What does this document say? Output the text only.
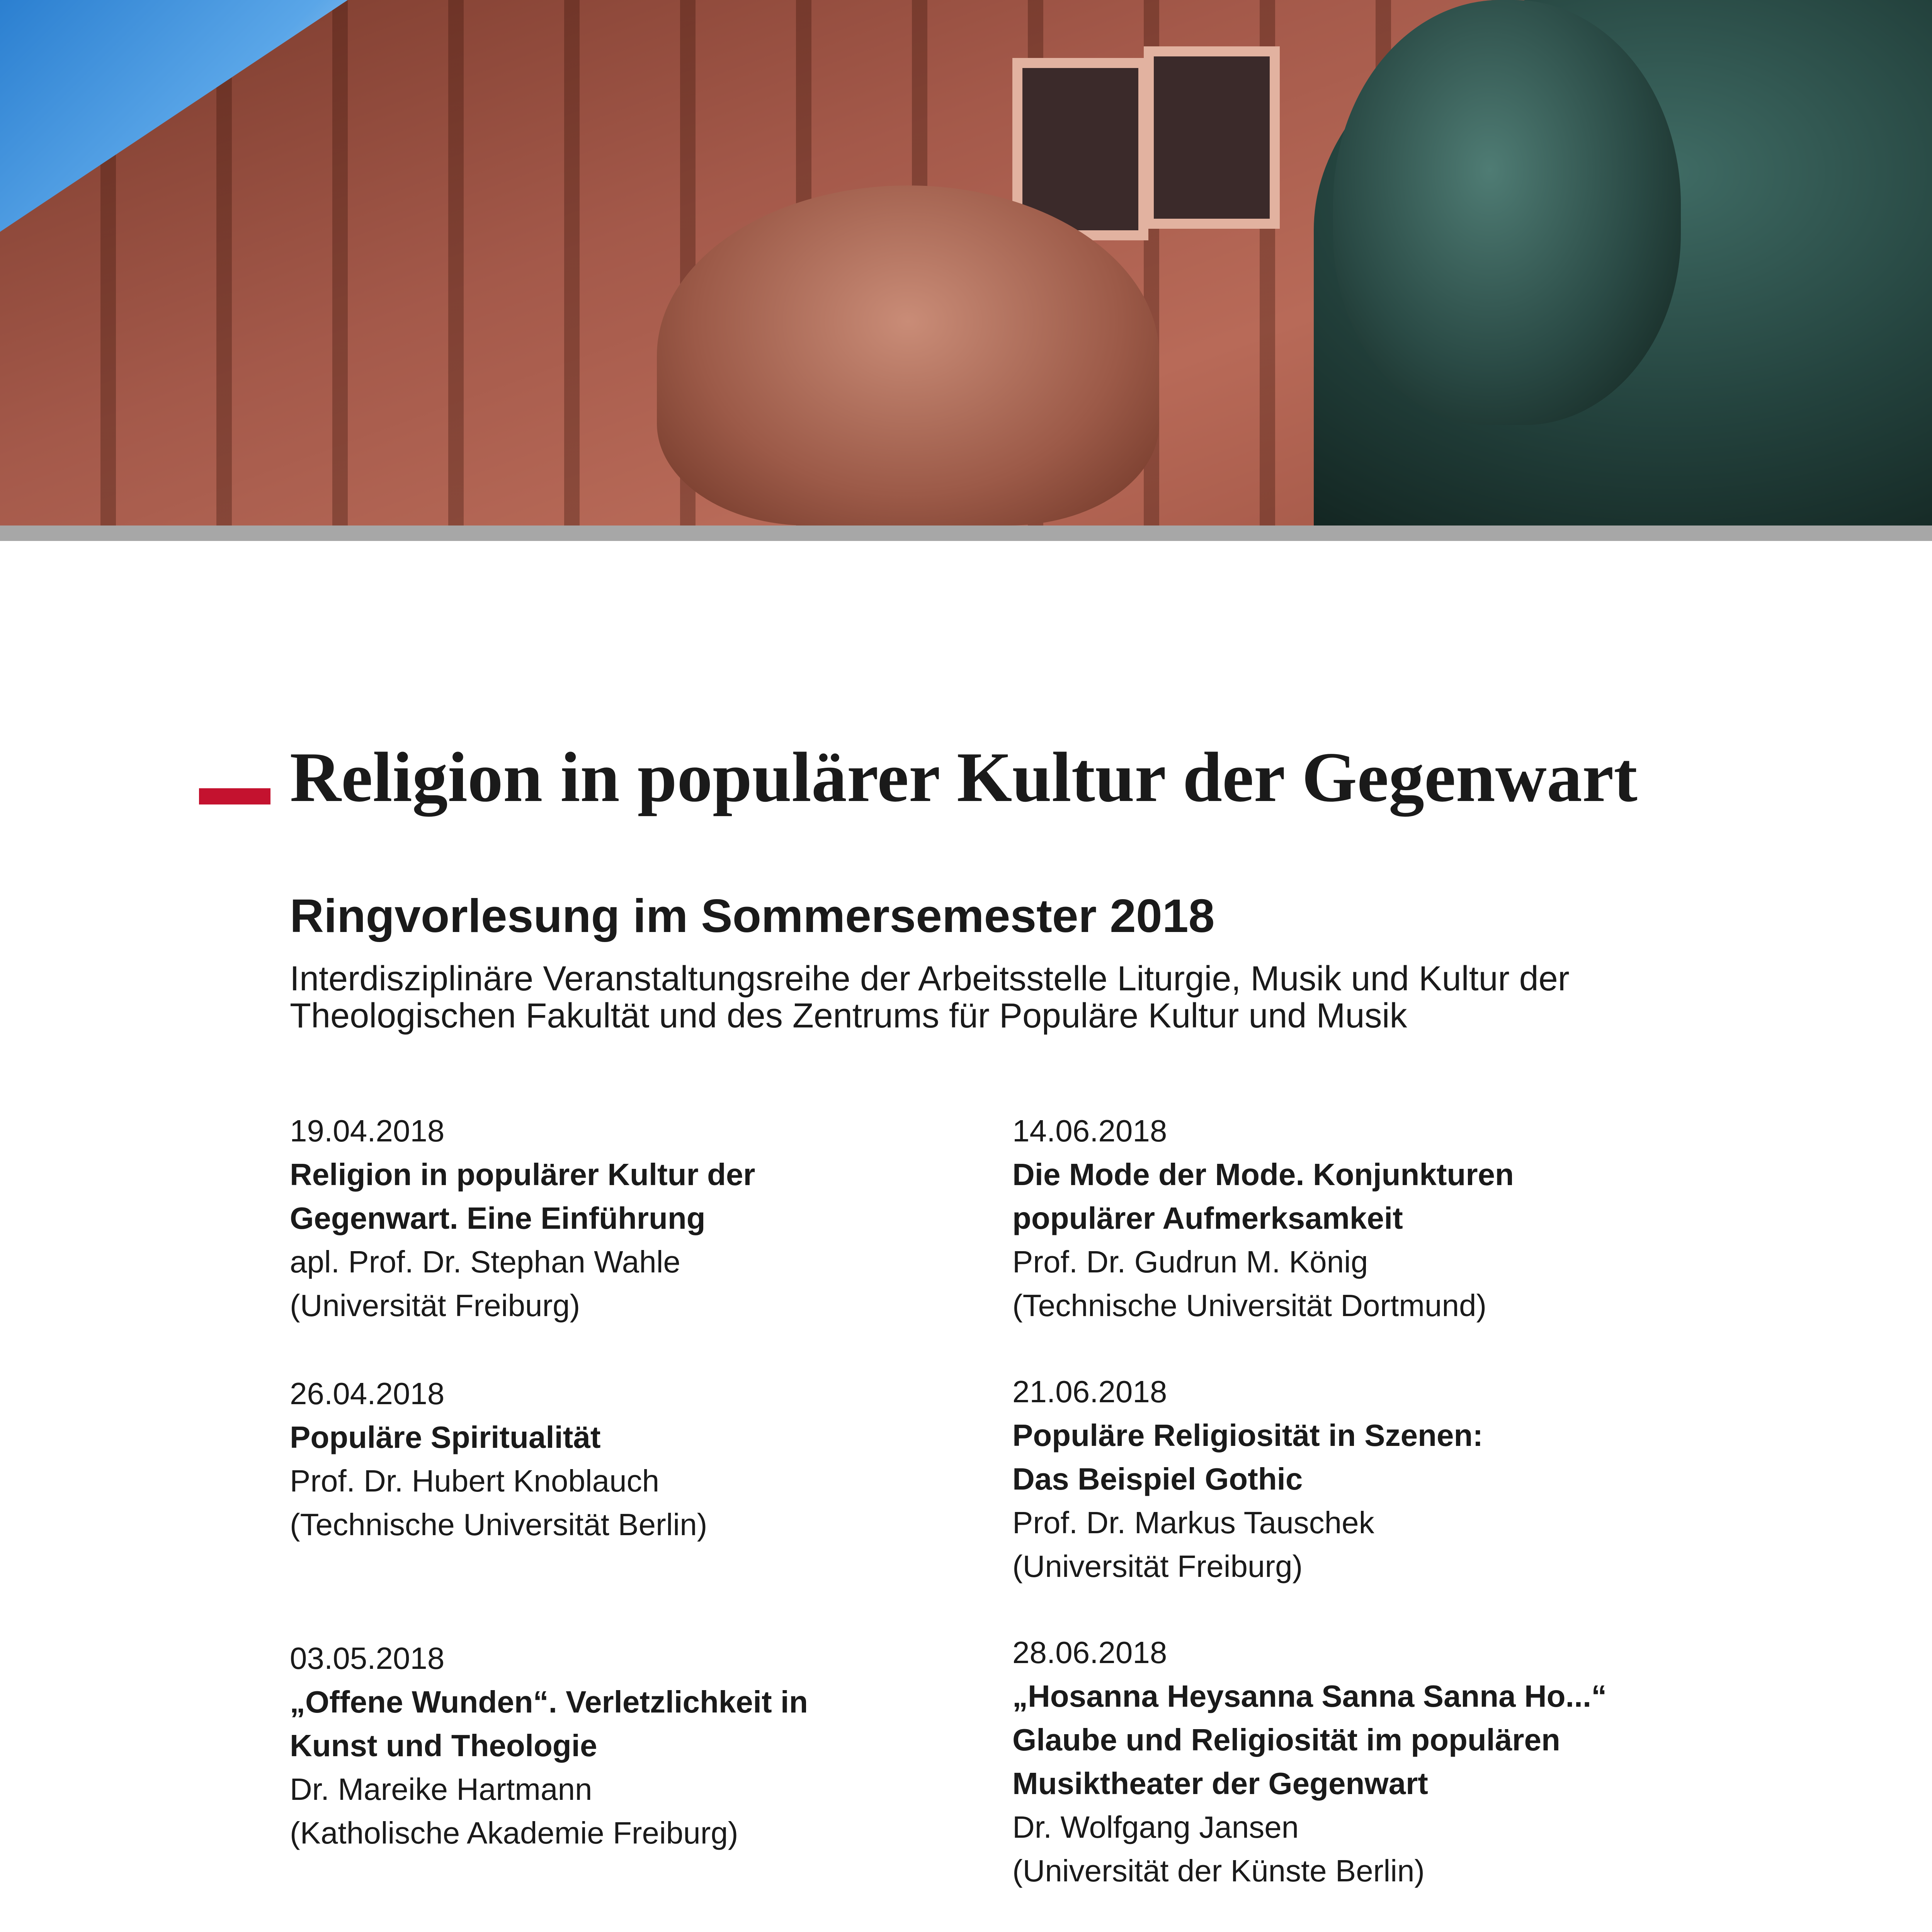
Religion in populärer Kultur der Gegenwart
Ringvorlesung im Sommersemester 2018
Interdisziplinäre Veranstaltungsreihe der Arbeitsstelle Liturgie, Musik und Kultur der
Theologischen Fakultät und des Zentrums für Populäre Kultur und Musik
19.04.2018
Religion in populärer Kultur der
Gegenwart. Eine Einführung
apl. Prof. Dr. Stephan Wahle
(Universität Freiburg)
26.04.2018
Populäre Spiritualität
Prof. Dr. Hubert Knoblauch
(Technische Universität Berlin)
03.05.2018
„Offene Wunden“. Verletzlichkeit in
Kunst und Theologie
Dr. Mareike Hartmann
(Katholische Akademie Freiburg)
14.06.2018
Die Mode der Mode. Konjunkturen
populärer Aufmerksamkeit
Prof. Dr. Gudrun M. König
(Technische Universität Dortmund)
21.06.2018
Populäre Religiosität in Szenen:
Das Beispiel Gothic
Prof. Dr. Markus Tauschek
(Universität Freiburg)
28.06.2018
„Hosanna Heysanna Sanna Sanna Ho...“
Glaube und Religiosität im populären
Musiktheater der Gegenwart
Dr. Wolfgang Jansen
(Universität der Künste Berlin)
